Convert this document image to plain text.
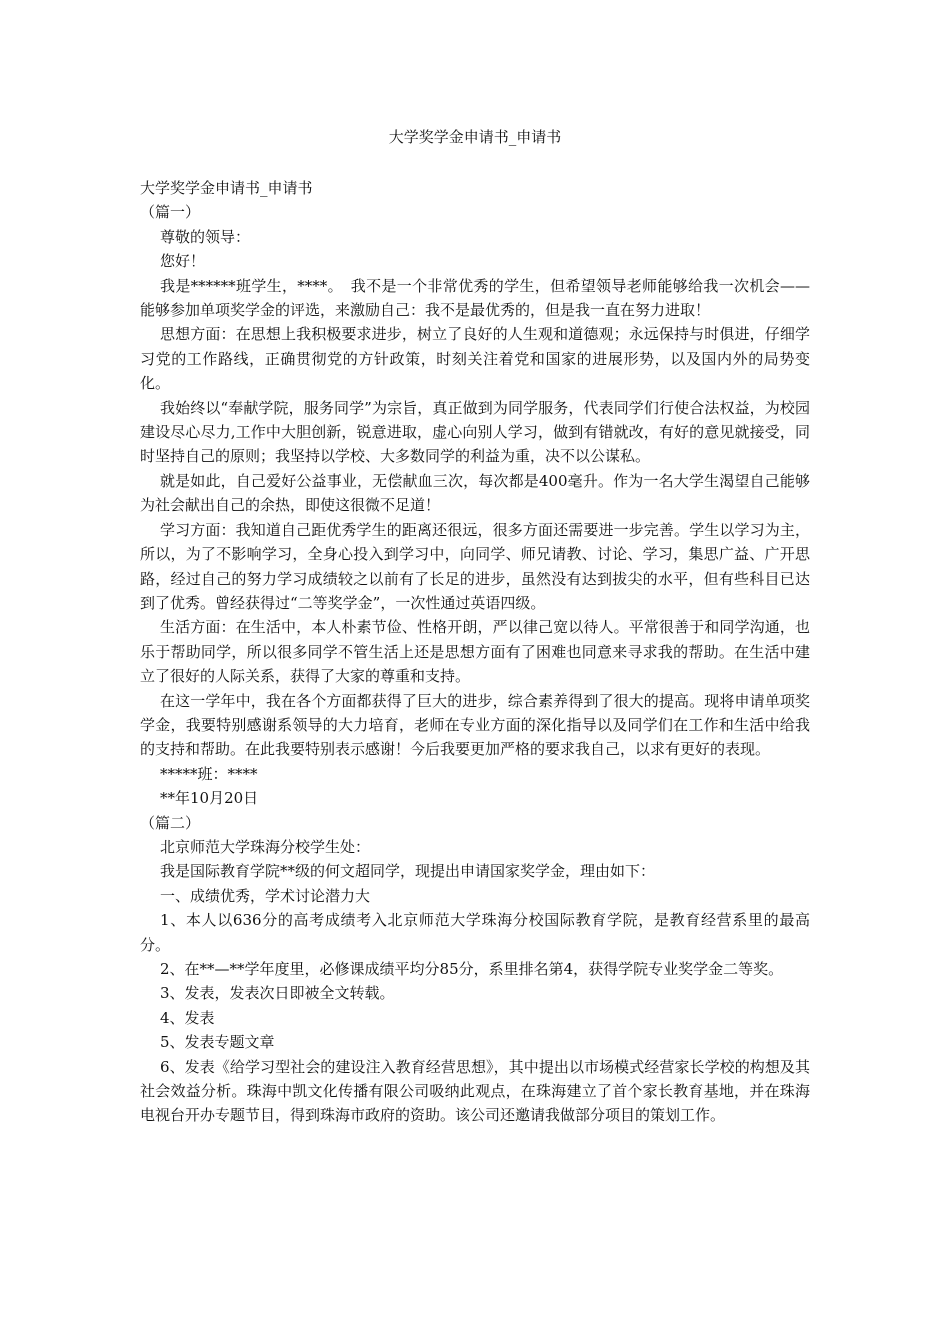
大学奖学金申请书_申请书

大学奖学金申请书_申请书

（篇一）

尊敬的领导：

您好！

我是******班学生，****。　我不是一个非常优秀的学生，但希望领导老师能够给我一次机会——能够参加单项奖学金的评选，来激励自己：我不是最优秀的，但是我一直在努力进取！

思想方面：在思想上我积极要求进步，树立了良好的人生观和道德观；永远保持与时俱进，仔细学习党的工作路线，正确贯彻党的方针政策，时刻关注着党和国家的进展形势，以及国内外的局势变化。

我始终以“奉献学院，服务同学”为宗旨，真正做到为同学服务，代表同学们行使合法权益，为校园建设尽心尽力,工作中大胆创新，锐意进取，虚心向别人学习，做到有错就改，有好的意见就接受，同时坚持自己的原则；我坚持以学校、大多数同学的利益为重，决不以公谋私。

就是如此，自己爱好公益事业，无偿献血三次，每次都是400毫升。作为一名大学生渴望自己能够为社会献出自己的余热，即使这很微不足道！

学习方面：我知道自己距优秀学生的距离还很远，很多方面还需要进一步完善。学生以学习为主，所以，为了不影响学习，全身心投入到学习中，向同学、师兄请教、讨论、学习，集思广益、广开思路，经过自己的努力学习成绩较之以前有了长足的进步，虽然没有达到拔尖的水平，但有些科目已达到了优秀。曾经获得过“二等奖学金”，一次性通过英语四级。

生活方面：在生活中，本人朴素节俭、性格开朗，严以律己宽以待人。平常很善于和同学沟通，也乐于帮助同学，所以很多同学不管生活上还是思想方面有了困难也同意来寻求我的帮助。在生活中建立了很好的人际关系，获得了大家的尊重和支持。

在这一学年中，我在各个方面都获得了巨大的进步，综合素养得到了很大的提高。现将申请单项奖学金，我要特别感谢系领导的大力培育，老师在专业方面的深化指导以及同学们在工作和生活中给我的支持和帮助。在此我要特别表示感谢！今后我要更加严格的要求我自己，以求有更好的表现。

*****班：****

**年10月20日

（篇二）

北京师范大学珠海分校学生处：

我是国际教育学院**级的何文超同学，现提出申请国家奖学金，理由如下：

一、成绩优秀，学术讨论潜力大

1、本人以636分的高考成绩考入北京师范大学珠海分校国际教育学院，是教育经营系里的最高分。

2、在**—**学年度里，必修课成绩平均分85分，系里排名第4，获得学院专业奖学金二等奖。

3、发表，发表次日即被全文转载。

4、发表

5、发表专题文章

6、发表《给学习型社会的建设注入教育经营思想》，其中提出以市场模式经营家长学校的构想及其社会效益分析。珠海中凯文化传播有限公司吸纳此观点，在珠海建立了首个家长教育基地，并在珠海电视台开办专题节目，得到珠海市政府的资助。该公司还邀请我做部分项目的策划工作。
